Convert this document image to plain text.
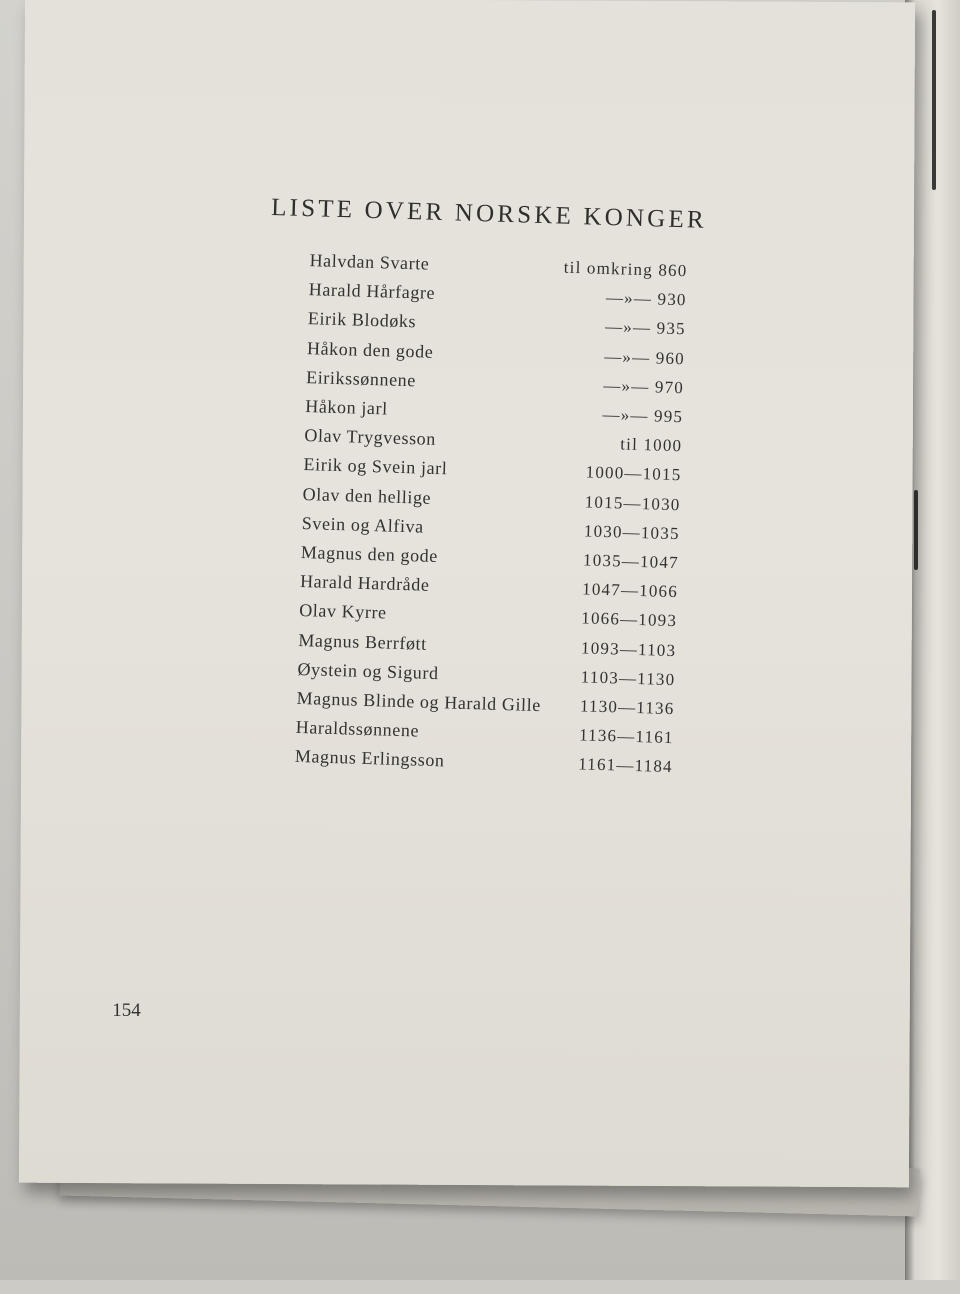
LISTE OVER NORSKE KONGER
Halvdan Svarte	til omkring 860
Harald Hårfagre	—»— 930
Eirik Blodøks	—»— 935
Håkon den gode	—»— 960
Eirikssønnene	—»— 970
Håkon jarl	—»— 995
Olav Trygvesson	til 1000
Eirik og Svein jarl	1000—1015
Olav den hellige	1015—1030
Svein og Alfiva	1030—1035
Magnus den gode	1035—1047
Harald Hardråde	1047—1066
Olav Kyrre	1066—1093
Magnus Berrføtt	1093—1103
Øystein og Sigurd	1103—1130
Magnus Blinde og Harald Gille	1130—1136
Haraldssønnene	1136—1161
Magnus Erlingsson	1161—1184
154
